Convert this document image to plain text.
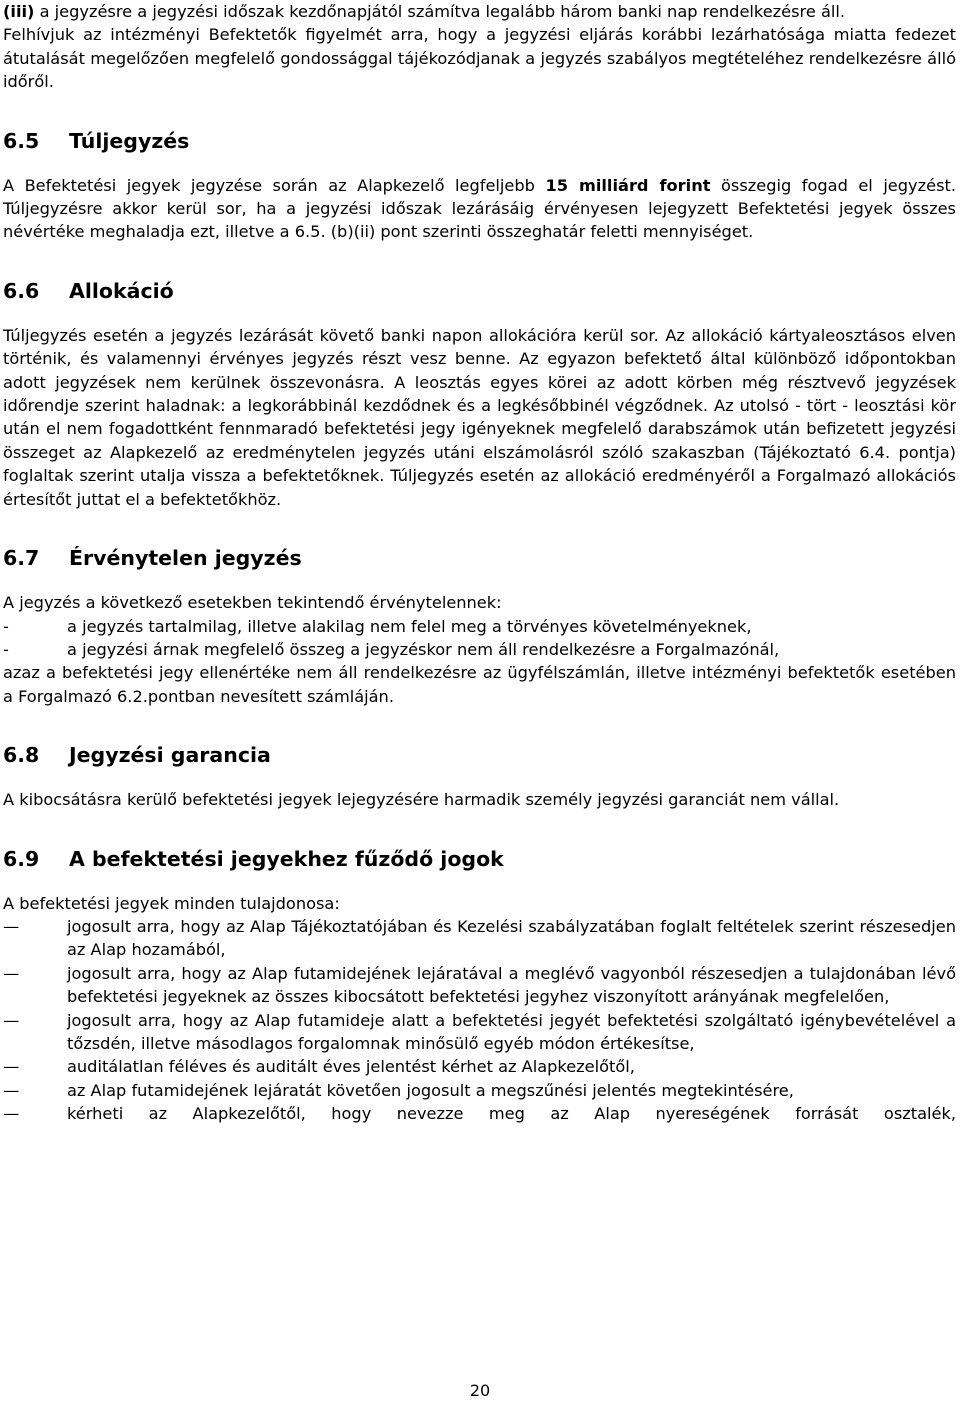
(iii) a jegyzésre a jegyzési időszak kezdőnapjától számítva legalább három banki nap rendelkezésre áll.

Felhívjuk az intézményi Befektetők figyelmét arra, hogy a jegyzési eljárás korábbi lezárhatósága miatta fedezet átutalását megelőzően megfelelő gondossággal tájékozódjanak a jegyzés szabályos megtételéhez rendelkezésre álló időről.

6.5 Túljegyzés

A Befektetési jegyek jegyzése során az Alapkezelő legfeljebb 15 milliárd forint összegig fogad el jegyzést. Túljegyzésre akkor kerül sor, ha a jegyzési időszak lezárásáig érvényesen lejegyzett Befektetési jegyek összes névértéke meghaladja ezt, illetve a 6.5. (b)(ii) pont szerinti összeghatár feletti mennyiséget.

6.6 Allokáció

Túljegyzés esetén a jegyzés lezárását követő banki napon allokációra kerül sor. Az allokáció kártyaleosztásos elven történik, és valamennyi érvényes jegyzés részt vesz benne. Az egyazon befektető által különböző időpontokban adott jegyzések nem kerülnek összevonásra. A leosztás egyes körei az adott körben még résztvevő jegyzések időrendje szerint haladnak: a legkorábbinál kezdődnek és a legkésőbbinél végződnek. Az utolsó - tört - leosztási kör után el nem fogadottként fennmaradó befektetési jegy igényeknek megfelelő darabszámok után befizetett jegyzési összeget az Alapkezelő az eredménytelen jegyzés utáni elszámolásról szóló szakaszban (Tájékoztató 6.4. pontja) foglaltak szerint utalja vissza a befektetőknek. Túljegyzés esetén az allokáció eredményéről a Forgalmazó allokációs értesítőt juttat el a befektetőkhöz.

6.7 Érvénytelen jegyzés

A jegyzés a következő esetekben tekintendő érvénytelennek:

-	a jegyzés tartalmilag, illetve alakilag nem felel meg a törvényes követelményeknek,
-	a jegyzési árnak megfelelő összeg a jegyzéskor nem áll rendelkezésre a Forgalmazónál,

azaz a befektetési jegy ellenértéke nem áll rendelkezésre az ügyfélszámlán, illetve intézményi befektetők esetében a Forgalmazó 6.2.pontban nevesített számláján.

6.8 Jegyzési garancia

A kibocsátásra kerülő befektetési jegyek lejegyzésére harmadik személy jegyzési garanciát nem vállal.

6.9 A befektetési jegyekhez fűződő jogok

A befektetési jegyek minden tulajdonosa:

—	jogosult arra, hogy az Alap Tájékoztatójában és Kezelési szabályzatában foglalt feltételek szerint részesedjen az Alap hozamából,
—	jogosult arra, hogy az Alap futamidejének lejáratával a meglévő vagyonból részesedjen a tulajdonában lévő befektetési jegyeknek az összes kibocsátott befektetési jegyhez viszonyított arányának megfelelően,
—	jogosult arra, hogy az Alap futamideje alatt a befektetési jegyét befektetési szolgáltató igénybevételével a tőzsdén, illetve másodlagos forgalomnak minősülő egyéb módon értékesítse,
—	auditálatlan féléves és auditált éves jelentést kérhet az Alapkezelőtől,
—	az Alap futamidejének lejáratát követően jogosult a megszűnési jelentés megtekintésére,
—	kérheti az Alapkezelőtől, hogy nevezze meg az Alap nyereségének forrását osztalék,
20
